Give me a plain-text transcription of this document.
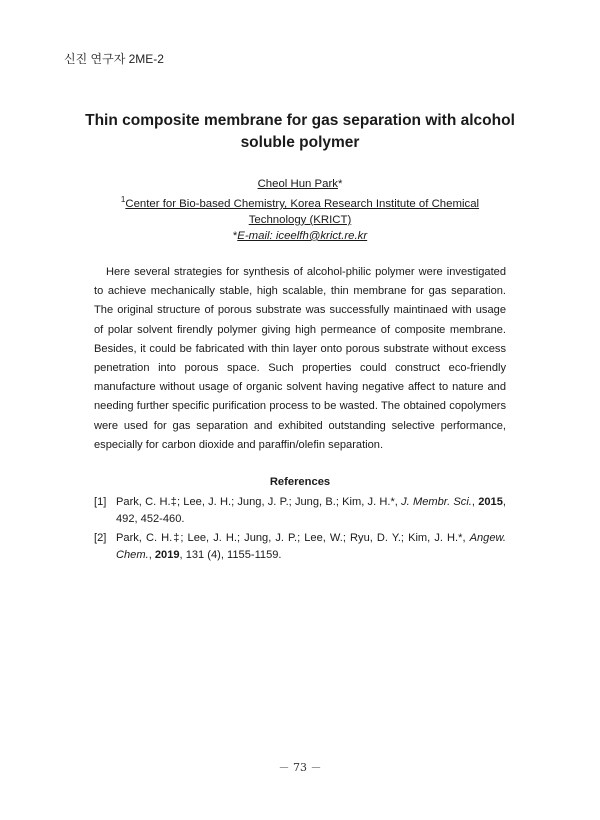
신진 연구자 2ME-2
Thin composite membrane for gas separation with alcohol
soluble polymer
Cheol Hun Park*
$^1$Center for Bio-based Chemistry, Korea Research Institute of Chemical
Technology (KRICT)
*E-mail: iceelfh@krict.re.kr
Here several strategies for synthesis of alcohol-philic polymer were investigated to achieve mechanically stable, high scalable, thin membrane for gas separation. The original structure of porous substrate was successfully maintinaed with usage of polar solvent firendly polymer giving high permeance of composite membrane. Besides, it could be fabricated with thin layer onto porous substrate without excess penetration into porous space. Such properties could construct eco-friendly manufacture without usage of organic solvent having negative affect to nature and needing further specific purification process to be wasted. The obtained copolymers were used for gas separation and exhibited outstanding selective performance, especially for carbon dioxide and paraffin/olefin separation.
References
[1] Park, C. H.‡; Lee, J. H.; Jung, J. P.; Jung, B.; Kim, J. H.*, J. Membr. Sci., 2015, 492, 452-460.
[2] Park, C. H.‡; Lee, J. H.; Jung, J. P.; Lee, W.; Ryu, D. Y.; Kim, J. H.*, Angew. Chem., 2019, 131 (4), 1155-1159.
－ 73 －
